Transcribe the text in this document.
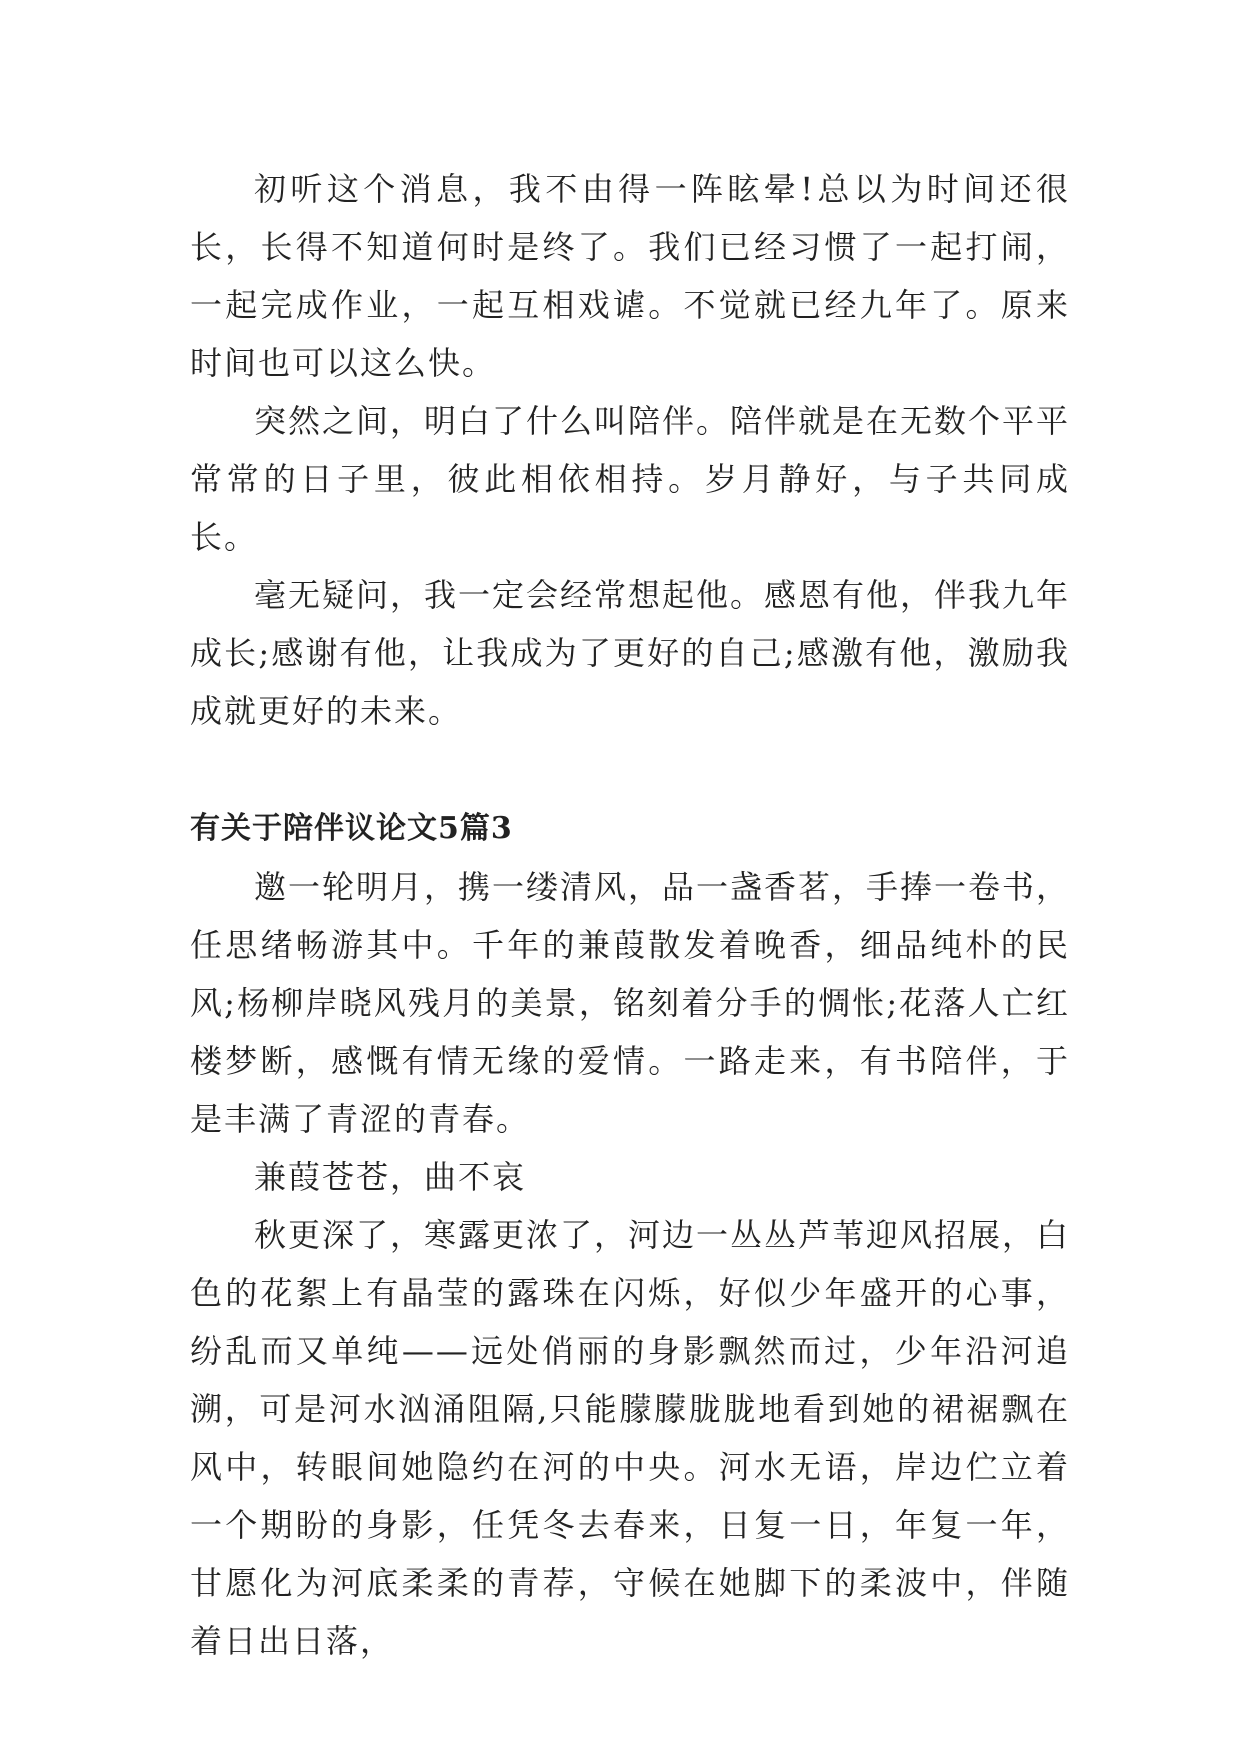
初听这个消息，我不由得一阵眩晕!总以为时间还很长，长得不知道何时是终了。我们已经习惯了一起打闹，一起完成作业，一起互相戏谑。不觉就已经九年了。原来时间也可以这么快。

突然之间，明白了什么叫陪伴。陪伴就是在无数个平平常常的日子里，彼此相依相持。岁月静好，与子共同成长。

毫无疑问，我一定会经常想起他。感恩有他，伴我九年成长;感谢有他，让我成为了更好的自己;感激有他，激励我成就更好的未来。

有关于陪伴议论文5篇3

邀一轮明月，携一缕清风，品一盏香茗，手捧一卷书，任思绪畅游其中。千年的兼葭散发着晚香，细品纯朴的民风;杨柳岸晓风残月的美景，铭刻着分手的惆怅;花落人亡红楼梦断，感慨有情无缘的爱情。一路走来，有书陪伴，于是丰满了青涩的青春。

兼葭苍苍，曲不哀

秋更深了，寒露更浓了，河边一丛丛芦苇迎风招展，白色的花絮上有晶莹的露珠在闪烁，好似少年盛开的心事，纷乱而又单纯——远处俏丽的身影飘然而过，少年沿河追溯，可是河水汹涌阻隔,只能朦朦胧胧地看到她的裙裾飘在风中，转眼间她隐约在河的中央。河水无语，岸边伫立着一个期盼的身影，任凭冬去春来，日复一日，年复一年，甘愿化为河底柔柔的青荐，守候在她脚下的柔波中，伴随着日出日落，
